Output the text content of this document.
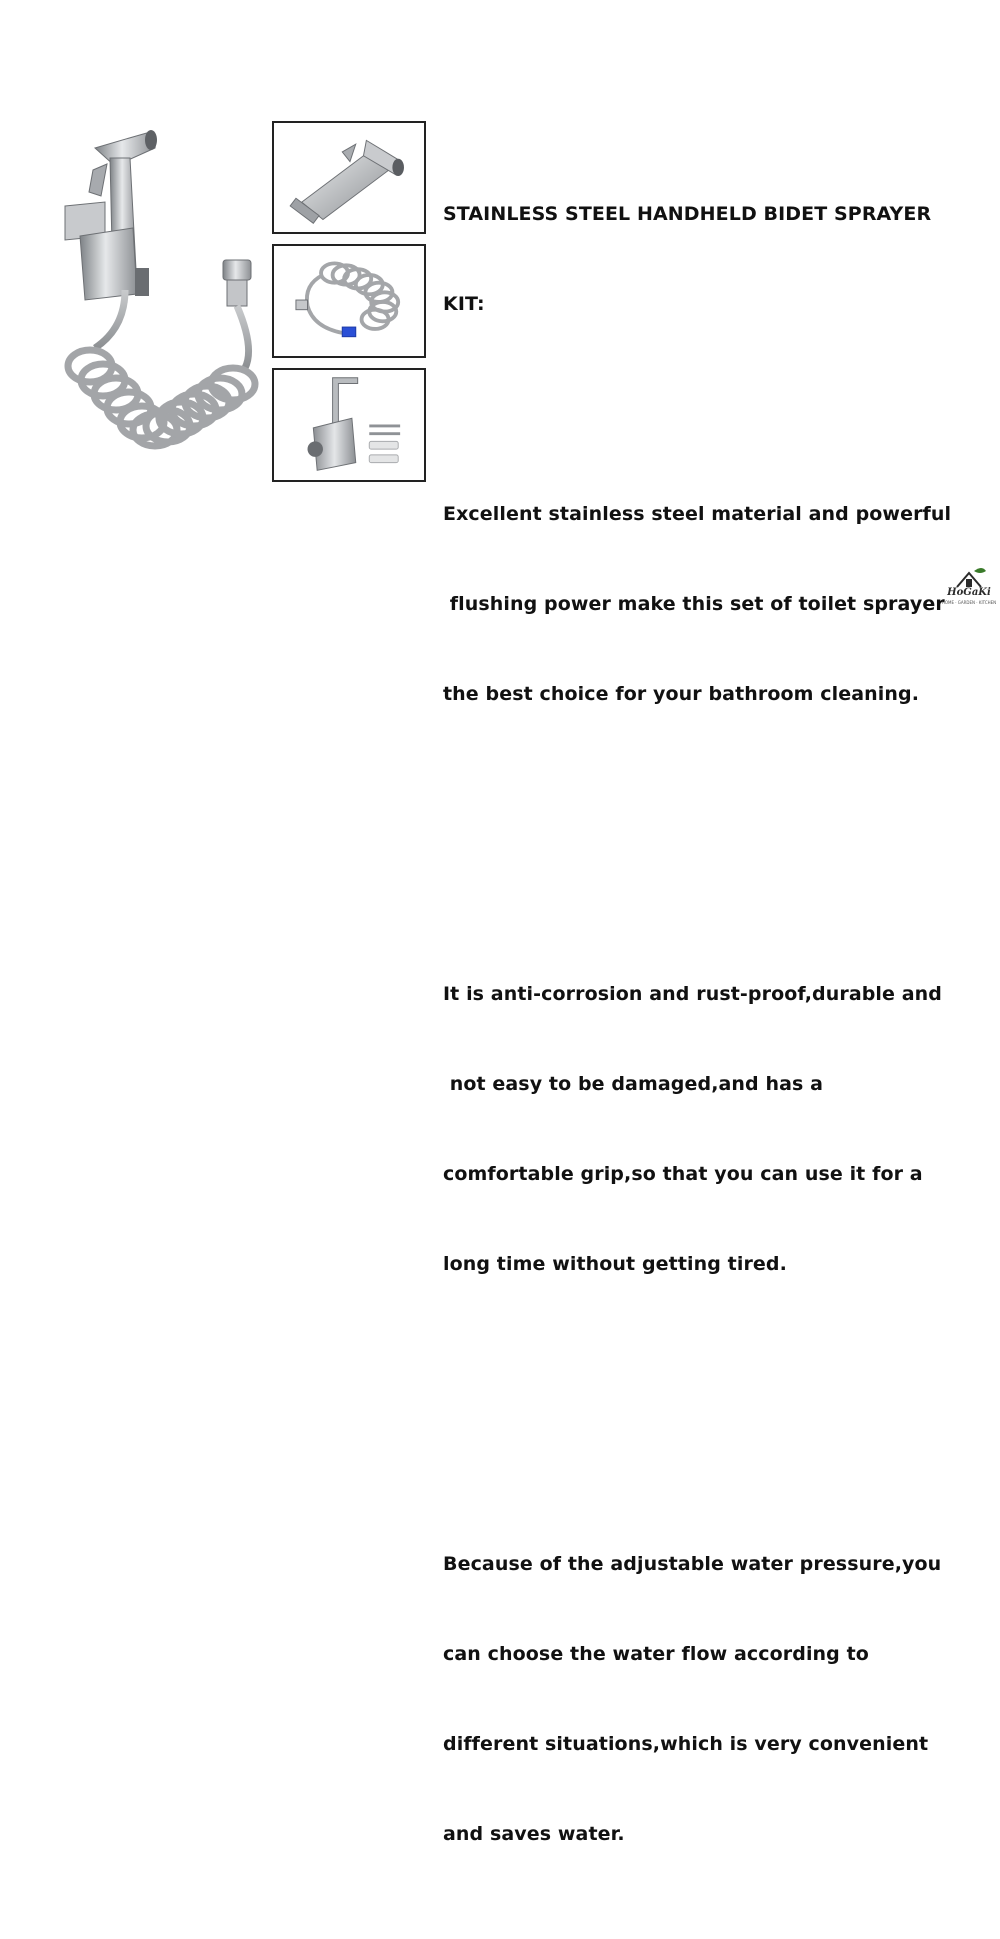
STAINLESS STEEL HANDHELD BIDET SPRAYER

KIT:

Excellent stainless steel material and powerful

flushing power make this set of toilet sprayer

the best choice for your bathroom cleaning.

It is anti-corrosion and rust-proof,durable and

not easy to be damaged,and has a

comfortable grip,so that you can use it for a

long time without getting tired.

Because of the adjustable water pressure,you

can choose the water flow according to

different situations,which is very convenient

and saves water.

HoGaKi
HOME · GARDEN · KITCHEN
